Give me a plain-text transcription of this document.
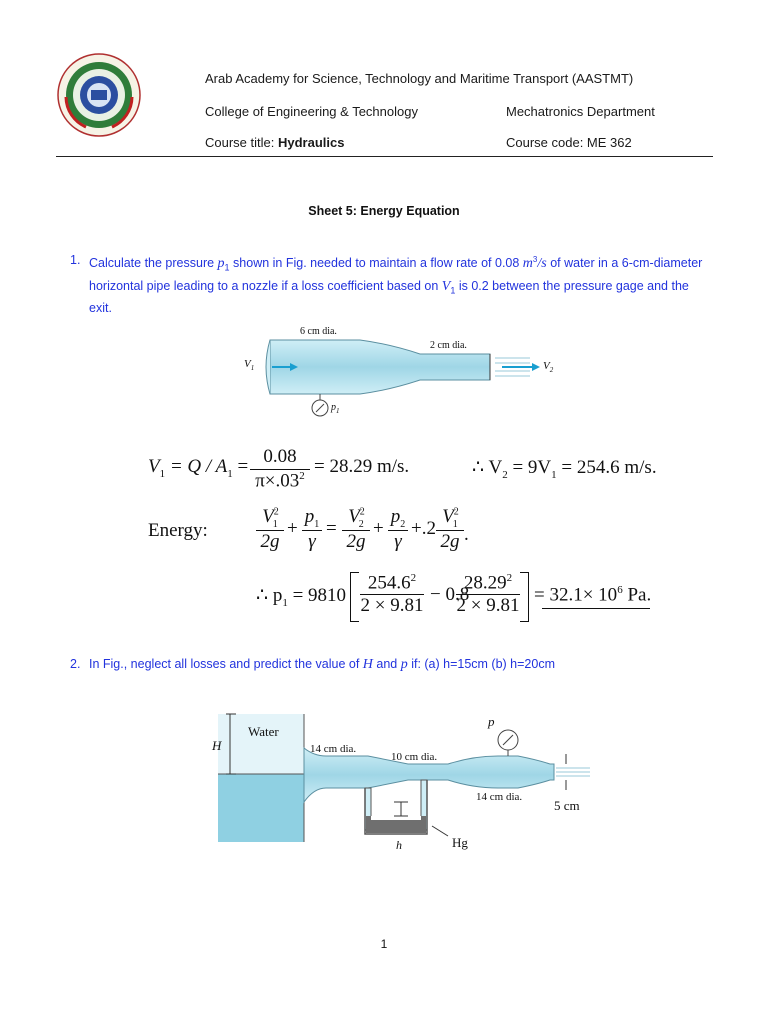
Arab Academy for Science, Technology and Maritime Transport (AASTMT)
College of Engineering & Technology	Mechatronics Department
Course title: Hydraulics	Course code: ME 362
Sheet 5: Energy Equation
1. Calculate the pressure $p_1$ shown in Fig. needed to maintain a flow rate of 0.08 $m^3/s$ of water in a 6-cm-diameter
horizontal pipe leading to a nozzle if a loss coefficient based on $V_1$ is 0.2 between the pressure gage and the
exit.
6 cm dia.
2 cm dia.
$V_1$	$V_2$
$p_1$
$V_1 = Q / A_1 = 0.08$
$\pi\times.03^2 = 28.29$ m/s.	∴ $V_2 = 9V_1 = 254.6$ m/s.
Energy:
$V^2_1$
2g
+
$p_1$
γ
=
$V^2_2$
2g
+
$p_2$
γ
+.2
$V^2_1$
2g .
∴ $p_1 = 9810$
254.6$^2$
2 × 9.81
− 0.8
28.29$^2$
2 × 9.81
= $32.1\times 10^6$ Pa.
2. In Fig., neglect all losses and predict the value of H and p if: (a) h=15cm (b) h=20cm
Water
H	14 cm dia.
10 cm dia.
14 cm dia.
p
5 cm
h	Hg
1
